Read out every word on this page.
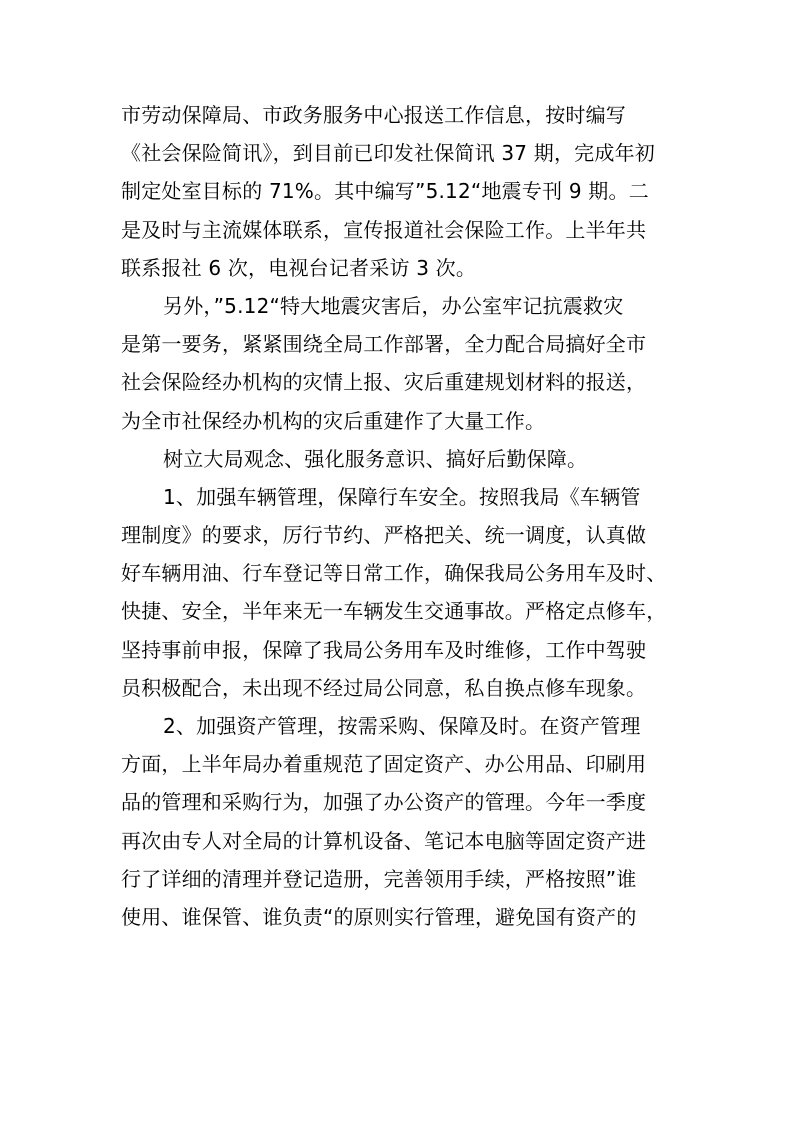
市劳动保障局、市政务服务中心报送工作信息，按时编写
《社会保险简讯》，到目前已印发社保简讯 37 期，完成年初
制定处室目标的 71%。其中编写”5.12“地震专刊 9 期。二
是及时与主流媒体联系，宣传报道社会保险工作。上半年共
联系报社 6 次，电视台记者采访 3 次。
另外，”5.12“特大地震灾害后，办公室牢记抗震救灾
是第一要务，紧紧围绕全局工作部署，全力配合局搞好全市
社会保险经办机构的灾情上报、灾后重建规划材料的报送，
为全市社保经办机构的灾后重建作了大量工作。
树立大局观念、强化服务意识、搞好后勤保障。
1、加强车辆管理，保障行车安全。按照我局《车辆管
理制度》的要求，厉行节约、严格把关、统一调度，认真做
好车辆用油、行车登记等日常工作，确保我局公务用车及时、
快捷、安全，半年来无一车辆发生交通事故。严格定点修车，
坚持事前申报，保障了我局公务用车及时维修，工作中驾驶
员积极配合，未出现不经过局公同意，私自换点修车现象。
2、加强资产管理，按需采购、保障及时。在资产管理
方面，上半年局办着重规范了固定资产、办公用品、印刷用
品的管理和采购行为，加强了办公资产的管理。今年一季度
再次由专人对全局的计算机设备、笔记本电脑等固定资产进
行了详细的清理并登记造册，完善领用手续，严格按照”谁
使用、谁保管、谁负责“的原则实行管理，避免国有资产的
